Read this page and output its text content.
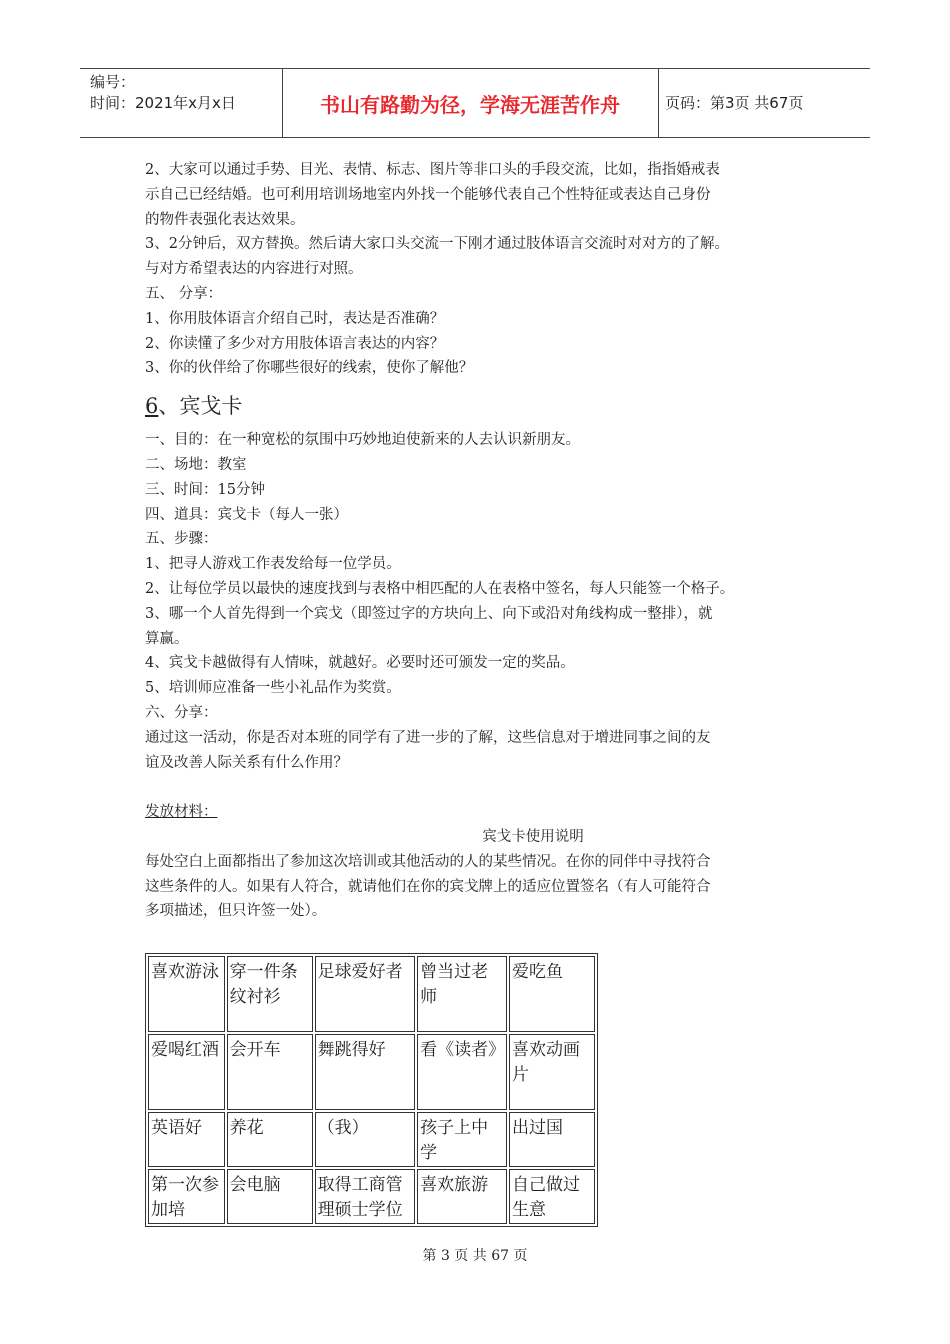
编号：
时间：2021年x月x日	书山有路勤为径，学海无涯苦作舟	页码：第3页 共67页

2、大家可以通过手势、目光、表情、标志、图片等非口头的手段交流，比如，指指婚戒表

示自己已经结婚。也可利用培训场地室内外找一个能够代表自己个性特征或表达自己身份

的物件表强化表达效果。

3、2分钟后，双方替换。然后请大家口头交流一下刚才通过肢体语言交流时对对方的了解。

与对方希望表达的内容进行对照。

五、 分享：

1、你用肢体语言介绍自己时，表达是否准确？

2、你读懂了多少对方用肢体语言表达的内容？

3、你的伙伴给了你哪些很好的线索，使你了解他？

6、宾戈卡

一、目的：在一种宽松的氛围中巧妙地迫使新来的人去认识新朋友。

二、场地：教室

三、时间：15分钟

四、道具：宾戈卡（每人一张）

五、步骤：

1、把寻人游戏工作表发给每一位学员。

2、让每位学员以最快的速度找到与表格中相匹配的人在表格中签名，每人只能签一个格子。

3、哪一个人首先得到一个宾戈（即签过字的方块向上、向下或沿对角线构成一整排），就

算赢。

4、宾戈卡越做得有人情味，就越好。必要时还可颁发一定的奖品。

5、培训师应准备一些小礼品作为奖赏。

六、分享：

通过这一活动，你是否对本班的同学有了进一步的了解，这些信息对于增进同事之间的友

谊及改善人际关系有什么作用？

发放材料：

宾戈卡使用说明

每处空白上面都指出了参加这次培训或其他活动的人的某些情况。在你的同伴中寻找符合

这些条件的人。如果有人符合，就请他们在你的宾戈牌上的适应位置签名（有人可能符合

多项描述，但只许签一处）。

喜欢游泳	穿一件条纹衬衫	足球爱好者	曾当过老师	爱吃鱼
爱喝红酒	会开车	舞跳得好	看《读者》	喜欢动画片
英语好	养花	（我）	孩子上中学	出过国
第一次参加培	会电脑	取得工商管理硕士学位	喜欢旅游	自己做过生意
第 3 页 共 67 页
